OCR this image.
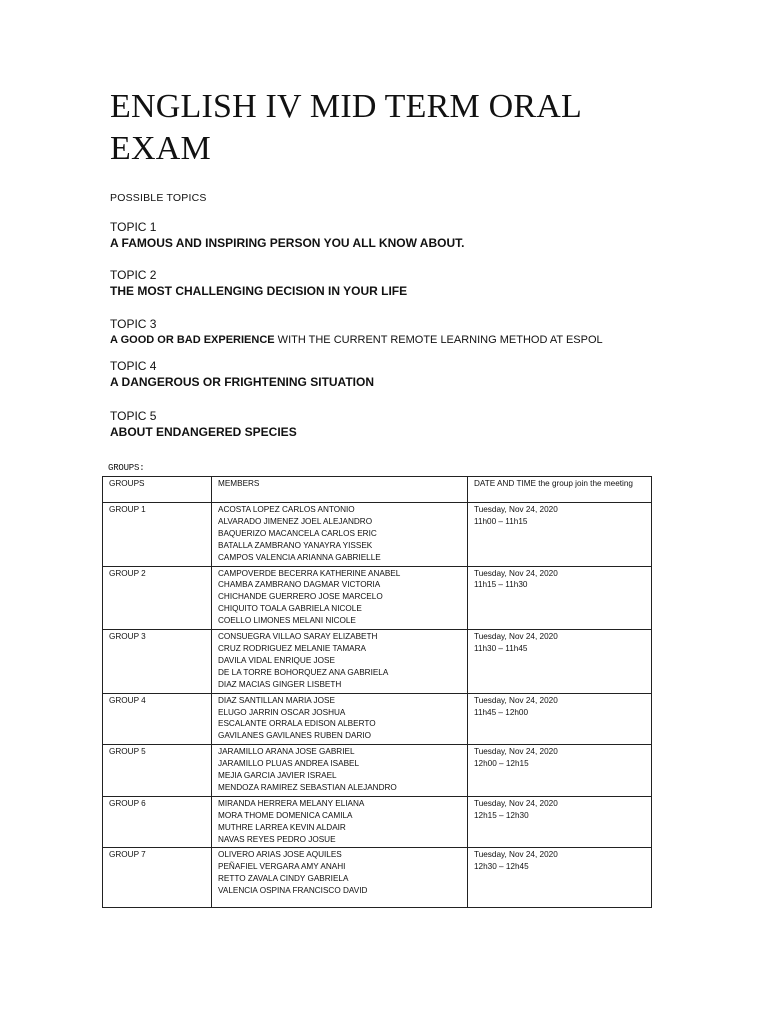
ENGLISH IV MID TERM ORAL EXAM
POSSIBLE TOPICS
TOPIC 1
A FAMOUS AND INSPIRING PERSON YOU ALL KNOW ABOUT.
TOPIC 2
THE MOST CHALLENGING DECISION IN YOUR LIFE
TOPIC 3
A GOOD OR BAD EXPERIENCE WITH THE CURRENT REMOTE LEARNING METHOD AT ESPOL
TOPIC 4
A DANGEROUS OR FRIGHTENING SITUATION
TOPIC 5
ABOUT ENDANGERED SPECIES
GROUPS:
GROUPS	MEMBERS	DATE AND TIME the group join the meeting
GROUP 1	ACOSTA LOPEZ CARLOS ANTONIO
ALVARADO JIMENEZ JOEL ALEJANDRO
BAQUERIZO MACANCELA CARLOS ERIC
BATALLA ZAMBRANO YANAYRA YISSEK
CAMPOS VALENCIA ARIANNA GABRIELLE	Tuesday, Nov 24, 2020
11h00 – 11h15

GROUP 2	CAMPOVERDE BECERRA KATHERINE ANABEL
CHAMBA ZAMBRANO DAGMAR VICTORIA
CHICHANDE GUERRERO JOSE MARCELO
CHIQUITO TOALA GABRIELA NICOLE
COELLO LIMONES MELANI NICOLE	Tuesday, Nov 24, 2020
11h15 – 11h30

GROUP 3	CONSUEGRA VILLAO SARAY ELIZABETH
CRUZ RODRIGUEZ MELANIE TAMARA
DAVILA VIDAL ENRIQUE JOSE
DE LA TORRE BOHORQUEZ ANA GABRIELA
DIAZ MACIAS GINGER LISBETH	Tuesday, Nov 24, 2020
11h30 – 11h45

GROUP 4	DIAZ SANTILLAN MARIA JOSE
ELUGO JARRIN OSCAR JOSHUA
ESCALANTE ORRALA EDISON ALBERTO
GAVILANES GAVILANES RUBEN DARIO	Tuesday, Nov 24, 2020
11h45 – 12h00

GROUP 5	JARAMILLO ARANA JOSE GABRIEL
JARAMILLO PLUAS ANDREA ISABEL
MEJIA GARCIA JAVIER ISRAEL
MENDOZA RAMIREZ SEBASTIAN ALEJANDRO	Tuesday, Nov 24, 2020
12h00 – 12h15

GROUP 6	MIRANDA HERRERA MELANY ELIANA
MORA THOME DOMENICA CAMILA
MUTHRE LARREA KEVIN ALDAIR
NAVAS REYES PEDRO JOSUE	Tuesday, Nov 24, 2020
12h15 – 12h30

GROUP 7	OLIVERO ARIAS JOSE AQUILES
PEÑAFIEL VERGARA AMY ANAHI
RETTO ZAVALA CINDY GABRIELA
VALENCIA OSPINA FRANCISCO DAVID	Tuesday, Nov 24, 2020
12h30 – 12h45
